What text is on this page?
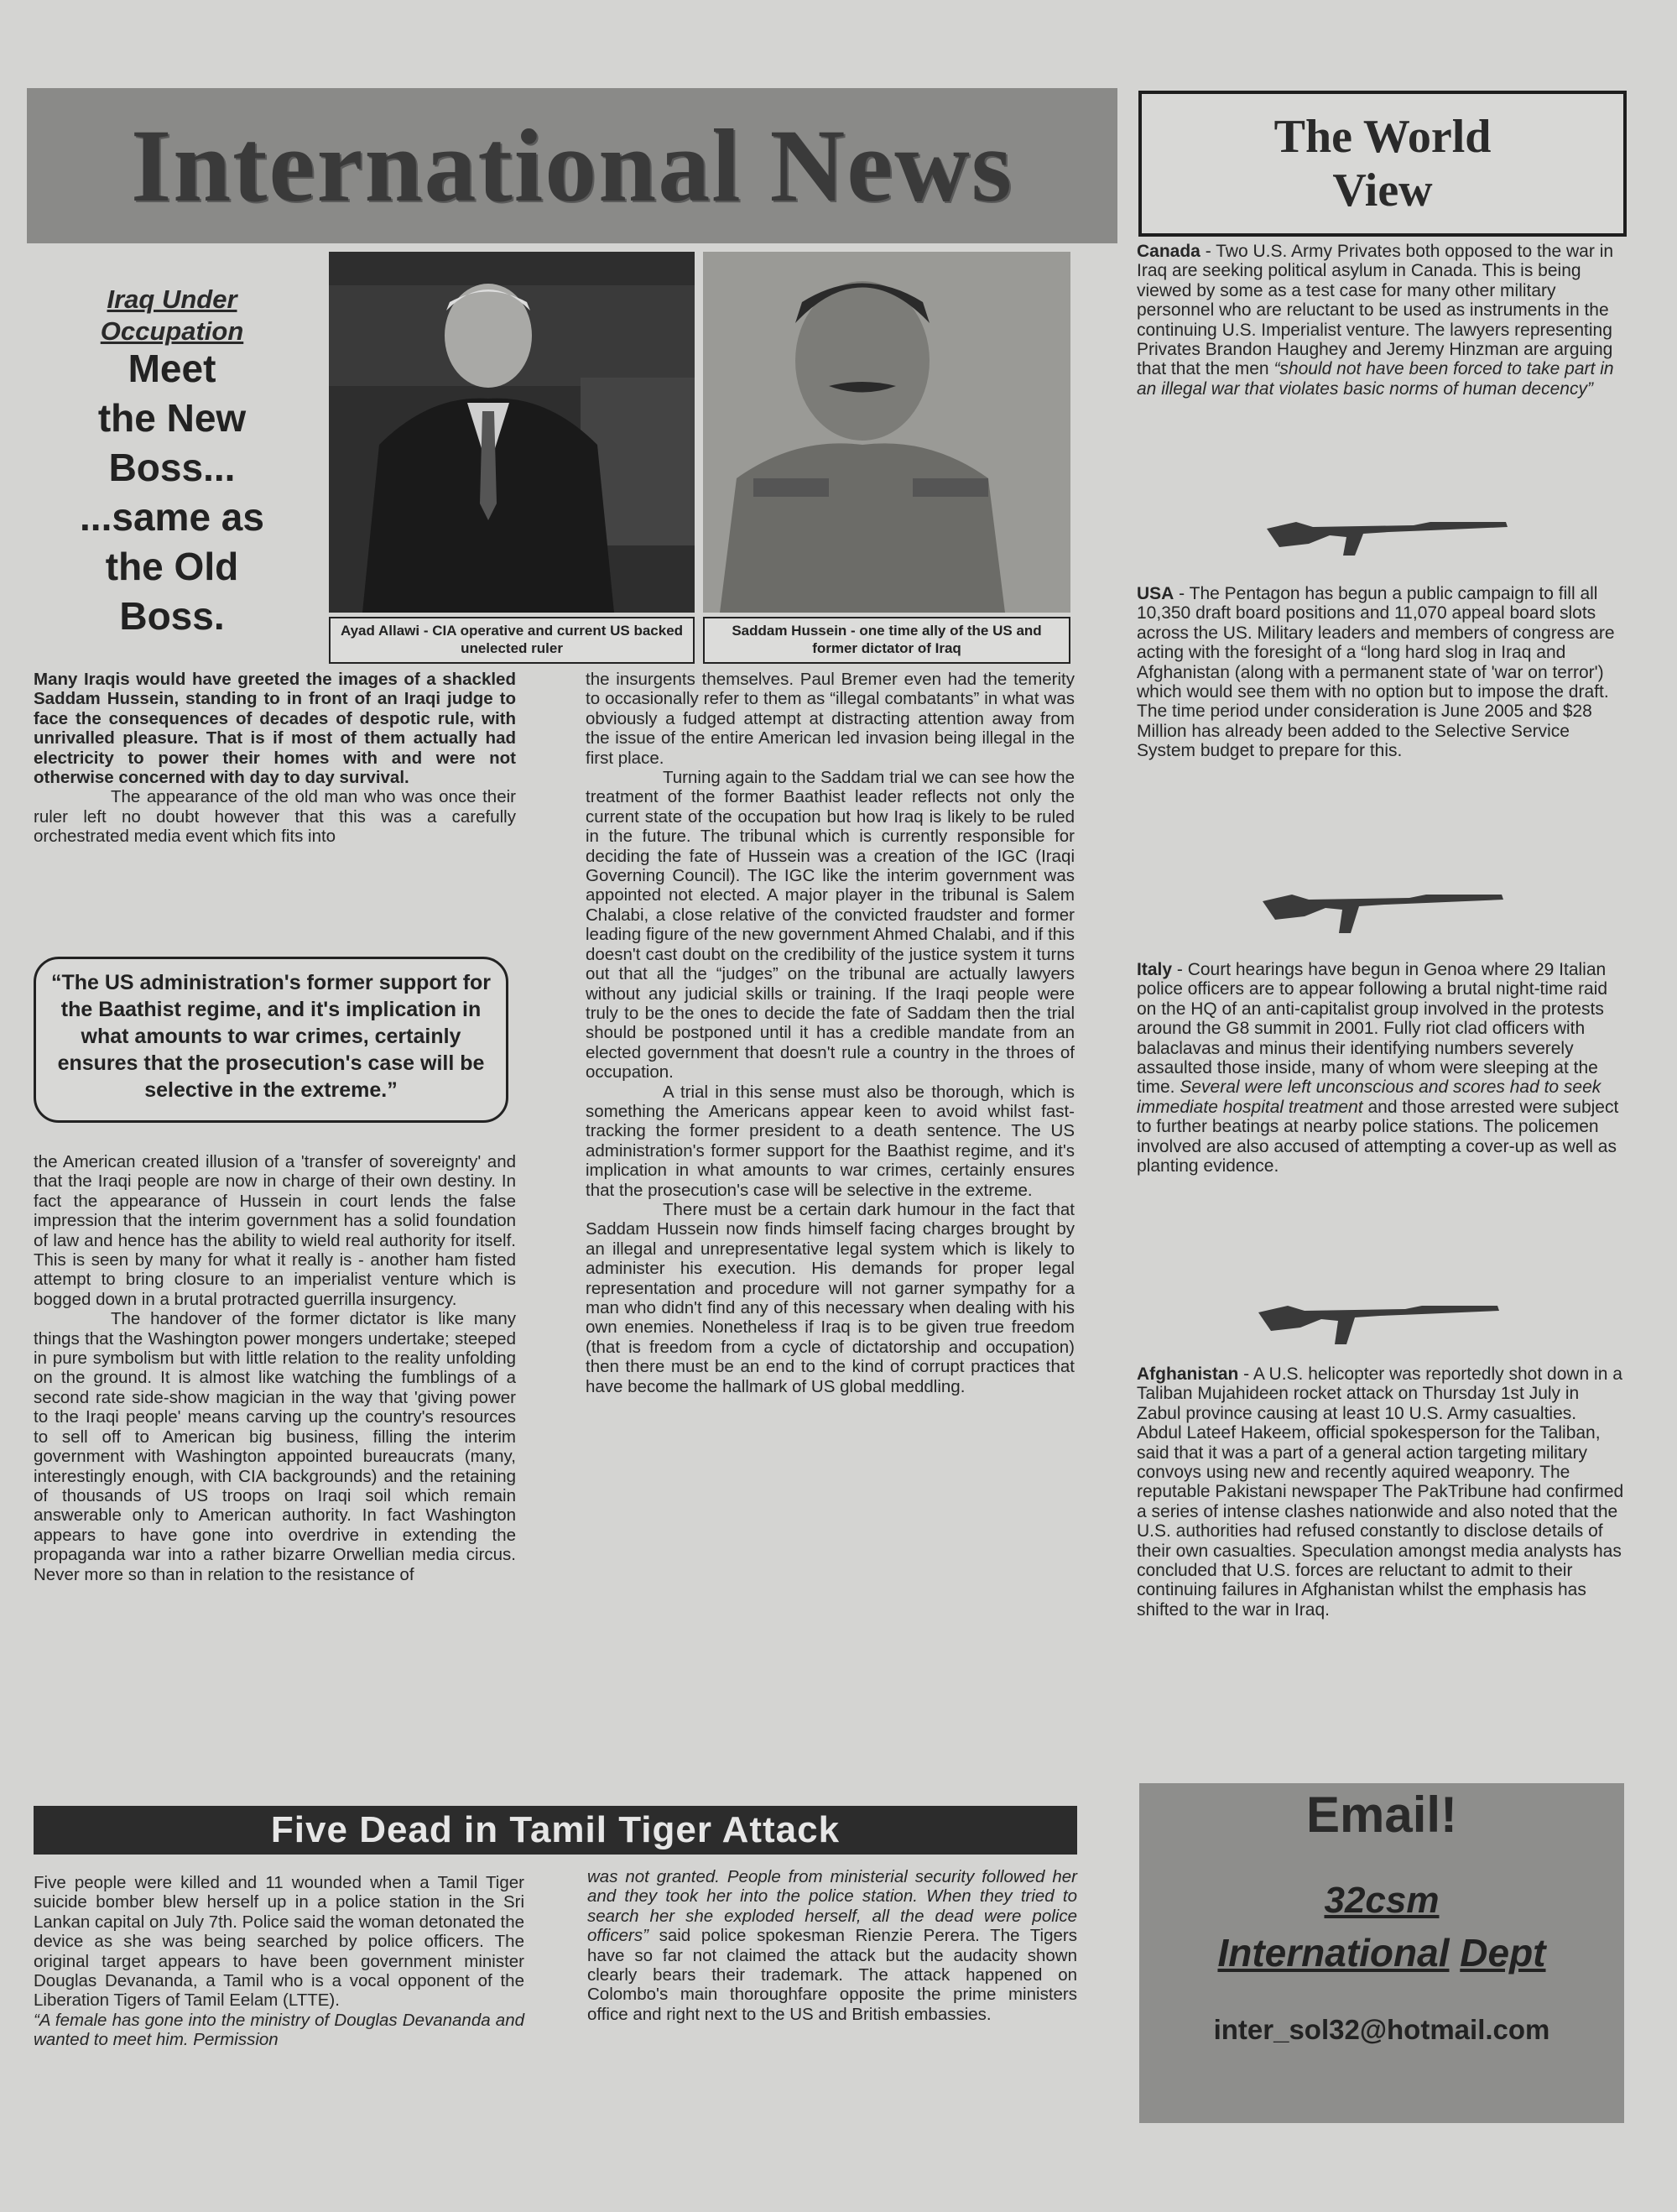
International News	The World
View
Iraq Under
Occupation
Meet
the New
Boss...
...same as
the Old
Boss.	Ayad Allawi - CIA operative and current US backed unelected ruler
Saddam Hussein - one time ally of the US and former dictator of Iraq

Many Iraqis would have greeted the images of a shackled Saddam Hussein, standing to in front of an Iraqi judge to face the consequences of decades of despotic rule, with unrivalled pleasure. That is if most of them actually had electricity to power their homes with and were not otherwise concerned with day to day survival.

The appearance of the old man who was once their ruler left no doubt however that this was a carefully orchestrated media event which fits into

“The US administration's former support for the Baathist regime, and it's implication in what amounts to war crimes, certainly ensures that the prosecution's case will be selective in the extreme.”

the American created illusion of a 'transfer of sovereignty' and that the Iraqi people are now in charge of their own destiny. In fact the appearance of Hussein in court lends the false impression that the interim government has a solid foundation of law and hence has the ability to wield real authority for itself. This is seen by many for what it really is - another ham fisted attempt to bring closure to an imperialist venture which is bogged down in a brutal protracted guerrilla insurgency.

The handover of the former dictator is like many things that the Washington power mongers undertake; steeped in pure symbolism but with little relation to the reality unfolding on the ground. It is almost like watching the fumblings of a second rate side-show magician in the way that 'giving power to the Iraqi people' means carving up the country's resources to sell off to American big business, filling the interim government with Washington appointed bureaucrats (many, interestingly enough, with CIA backgrounds) and the retaining of thousands of US troops on Iraqi soil which remain answerable only to American authority. In fact Washington appears to have gone into overdrive in extending the propaganda war into a rather bizarre Orwellian media circus. Never more so than in relation to the resistance of

the insurgents themselves. Paul Bremer even had the temerity to occasionally refer to them as “illegal combatants” in what was obviously a fudged attempt at distracting attention away from the issue of the entire American led invasion being illegal in the first place.

Turning again to the Saddam trial we can see how the treatment of the former Baathist leader reflects not only the current state of the occupation but how Iraq is likely to be ruled in the future. The tribunal which is currently responsible for deciding the fate of Hussein was a creation of the IGC (Iraqi Governing Council). The IGC like the interim government was appointed not elected. A major player in the tribunal is Salem Chalabi, a close relative of the convicted fraudster and former leading figure of the new government Ahmed Chalabi, and if this doesn't cast doubt on the credibility of the justice system it turns out that all the “judges” on the tribunal are actually lawyers without any judicial skills or training. If the Iraqi people were truly to be the ones to decide the fate of Saddam then the trial should be postponed until it has a credible mandate from an elected government that doesn't rule a country in the throes of occupation.

A trial in this sense must also be thorough, which is something the Americans appear keen to avoid whilst fast-tracking the former president to a death sentence. The US administration's former support for the Baathist regime, and it's implication in what amounts to war crimes, certainly ensures that the prosecution's case will be selective in the extreme.

There must be a certain dark humour in the fact that Saddam Hussein now finds himself facing charges brought by an illegal and unrepresentative legal system which is likely to administer his execution. His demands for proper legal representation and procedure will not garner sympathy for a man who didn't find any of this necessary when dealing with his own enemies. Nonetheless if Iraq is to be given true freedom (that is freedom from a cycle of dictatorship and occupation) then there must be an end to the kind of corrupt practices that have become the hallmark of US global meddling.

Canada - Two U.S. Army Privates both opposed to the war in Iraq are seeking political asylum in Canada. This is being viewed by some as a test case for many other military personnel who are reluctant to be used as instruments in the continuing U.S. Imperialist venture. The lawyers representing Privates Brandon Haughey and Jeremy Hinzman are arguing that that the men “should not have been forced to take part in an illegal war that violates basic norms of human decency”
USA - The Pentagon has begun a public campaign to fill all 10,350 draft board positions and 11,070 appeal board slots across the US. Military leaders and members of congress are acting with the foresight of a “long hard slog in Iraq and Afghanistan (along with a permanent state of 'war on terror') which would see them with no option but to impose the draft. The time period under consideration is June 2005 and $28 Million has already been added to the Selective Service System budget to prepare for this.
Italy - Court hearings have begun in Genoa where 29 Italian police officers are to appear following a brutal night-time raid on the HQ of an anti-capitalist group involved in the protests around the G8 summit in 2001. Fully riot clad officers with balaclavas and minus their identifying numbers severely assaulted those inside, many of whom were sleeping at the time. Several were left unconscious and scores had to seek immediate hospital treatment and those arrested were subject to further beatings at nearby police stations. The policemen involved are also accused of attempting a cover-up as well as planting evidence.
Afghanistan - A U.S. helicopter was reportedly shot down in a Taliban Mujahideen rocket attack on Thursday 1st July in Zabul province causing at least 10 U.S. Army casualties. Abdul Lateef Hakeem, official spokesperson for the Taliban, said that it was a part of a general action targeting military convoys using new and recently aquired weaponry. The reputable Pakistani newspaper The PakTribune had confirmed a series of intense clashes nationwide and also noted that the U.S. authorities had refused constantly to disclose details of their own casualties. Speculation amongst media analysts has concluded that U.S. forces are reluctant to admit to their continuing failures in Afghanistan whilst the emphasis has shifted to the war in Iraq.
Five Dead in Tamil Tiger Attack

Five people were killed and 11 wounded when a Tamil Tiger suicide bomber blew herself up in a police station in the Sri Lankan capital on July 7th. Police said the woman detonated the device as she was being searched by police officers. The original target appears to have been government minister Douglas Devananda, a Tamil who is a vocal opponent of the Liberation Tigers of Tamil Eelam (LTTE).

“A female has gone into the ministry of Douglas Devananda and wanted to meet him. Permission

was not granted. People from ministerial security followed her and they took her into the police station. When they tried to search her she exploded herself, all the dead were police officers” said police spokesman Rienzie Perera. The Tigers have so far not claimed the attack but the audacity shown clearly bears their trademark. The attack happened on Colombo's main thoroughfare opposite the prime ministers office and right next to the US and British embassies.

Email!
32csm
International Dept
inter_sol32@hotmail.com
